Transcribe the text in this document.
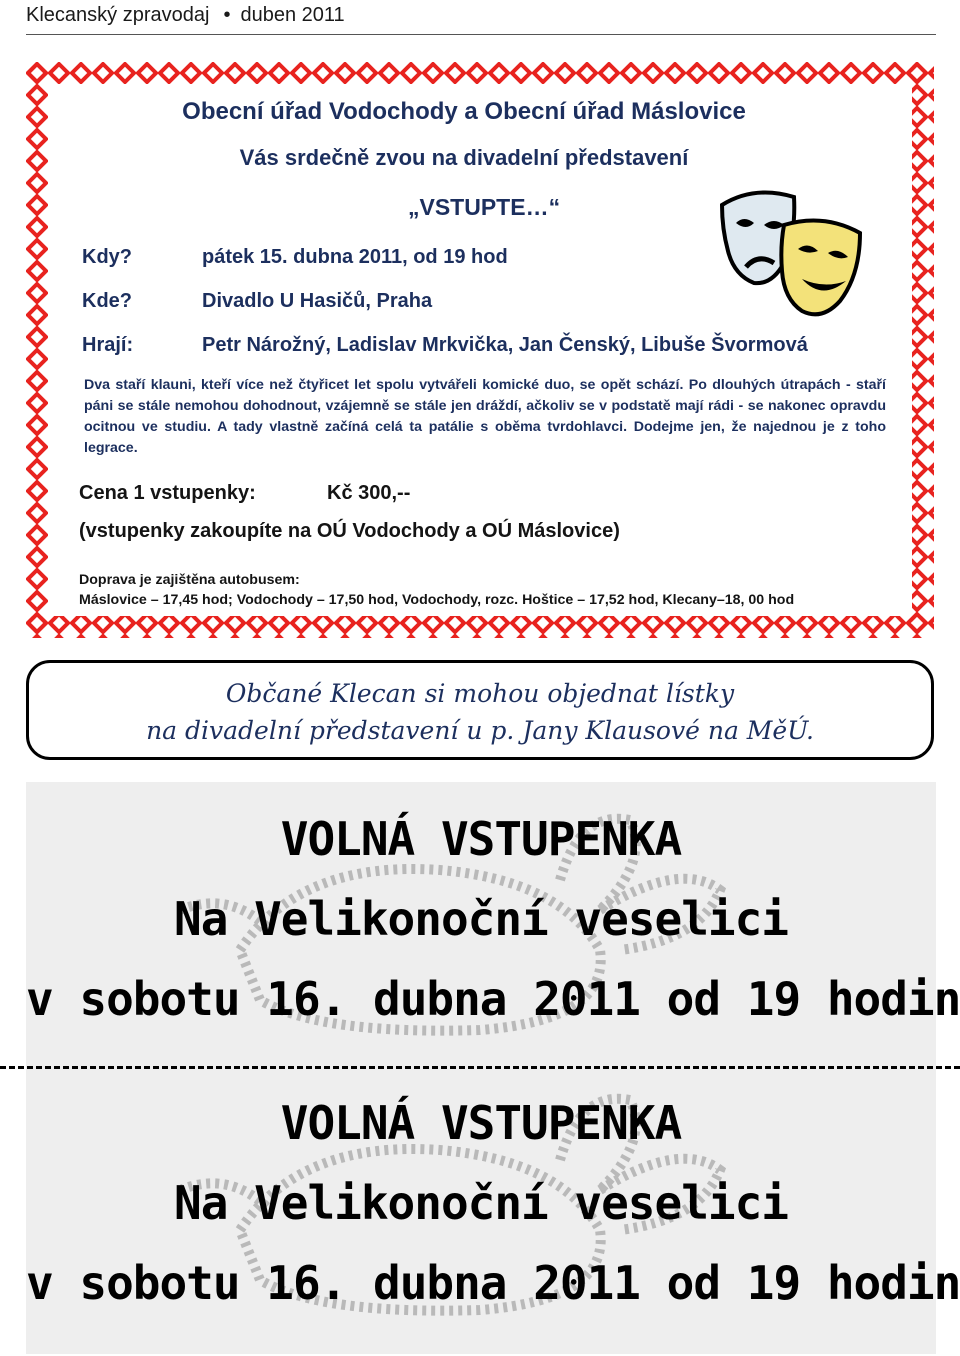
Klecanský zpravodaj • duben 2011
Obecní úřad Vodochody a Obecní úřad Máslovice
Vás srdečně zvou na divadelní představení
„VSTUPTE…“
Kdy?	pátek 15. dubna 2011, od 19 hod
Kde?	Divadlo U Hasičů, Praha
Hrají:	Petr Nárožný, Ladislav Mrkvička, Jan Čenský, Libuše Švormová
Dva staří klauni, kteří více než čtyřicet let spolu vytvářeli komické duo, se opět schází. Po dlouhých útrapách - staří páni se stále nemohou dohodnout, vzájemně se stále jen dráždí, ačkoliv se v podstatě mají rádi - se nakonec opravdu ocitnou ve studiu. A tady vlastně začíná celá ta patálie s oběma tvrdohlavci. Dodejme jen, že najednou je z toho legrace.
Cena 1 vstupenky:	Kč 300,--
(vstupenky zakoupíte na OÚ Vodochody a OÚ Máslovice)
Doprava je zajištěna autobusem:
Máslovice – 17,45 hod; Vodochody – 17,50 hod, Vodochody, rozc. Hoštice – 17,52 hod, Klecany–18, 00 hod
Občané Klecan si mohou objednat lístky
na divadelní představení u p. Jany Klausové na MěÚ.
VOLNÁ VSTUPENKA
Na Velikonoční veselici
v sobotu 16. dubna 2011 od 19 hodin
VOLNÁ VSTUPENKA
Na Velikonoční veselici
v sobotu 16. dubna 2011 od 19 hodin
